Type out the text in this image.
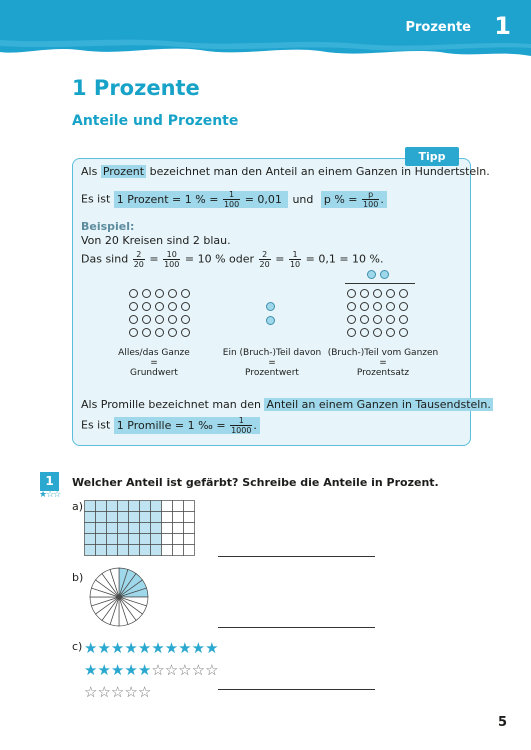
Prozente 1
1 Prozente
Anteile und Prozente
Tipp
Als Prozent bezeichnet man den Anteil an einem Ganzen in Hundertsteln.
Es ist 1 Prozent = 1 % = $\frac{1}{100} = 0,01$ und p % = $\frac{p}{100}$ .
Beispiel:
Von 20 Kreisen sind 2 blau.
Das sind $\frac{2}{20} = \frac{10}{100} = 10$ % oder $\frac{2}{20} = \frac{1}{10} = 0,1 = 10$ %.
Alles/das Ganze
=
Grundwert
Ein (Bruch-)Teil davon
=
Prozentwert
(Bruch-)Teil vom Ganzen
=
Prozentsatz
Als Promille bezeichnet man den Anteil an einem Ganzen in Tausendsteln.
Es ist 1 Promille = 1 ‰ = $\frac{1}{1000}$ .
1
★☆☆
Welcher Anteil ist gefärbt? Schreibe die Anteile in Prozent.
a)
b)
c) ★★★★★★★★★★
★★★★★☆☆☆☆☆
☆☆☆☆☆
5
